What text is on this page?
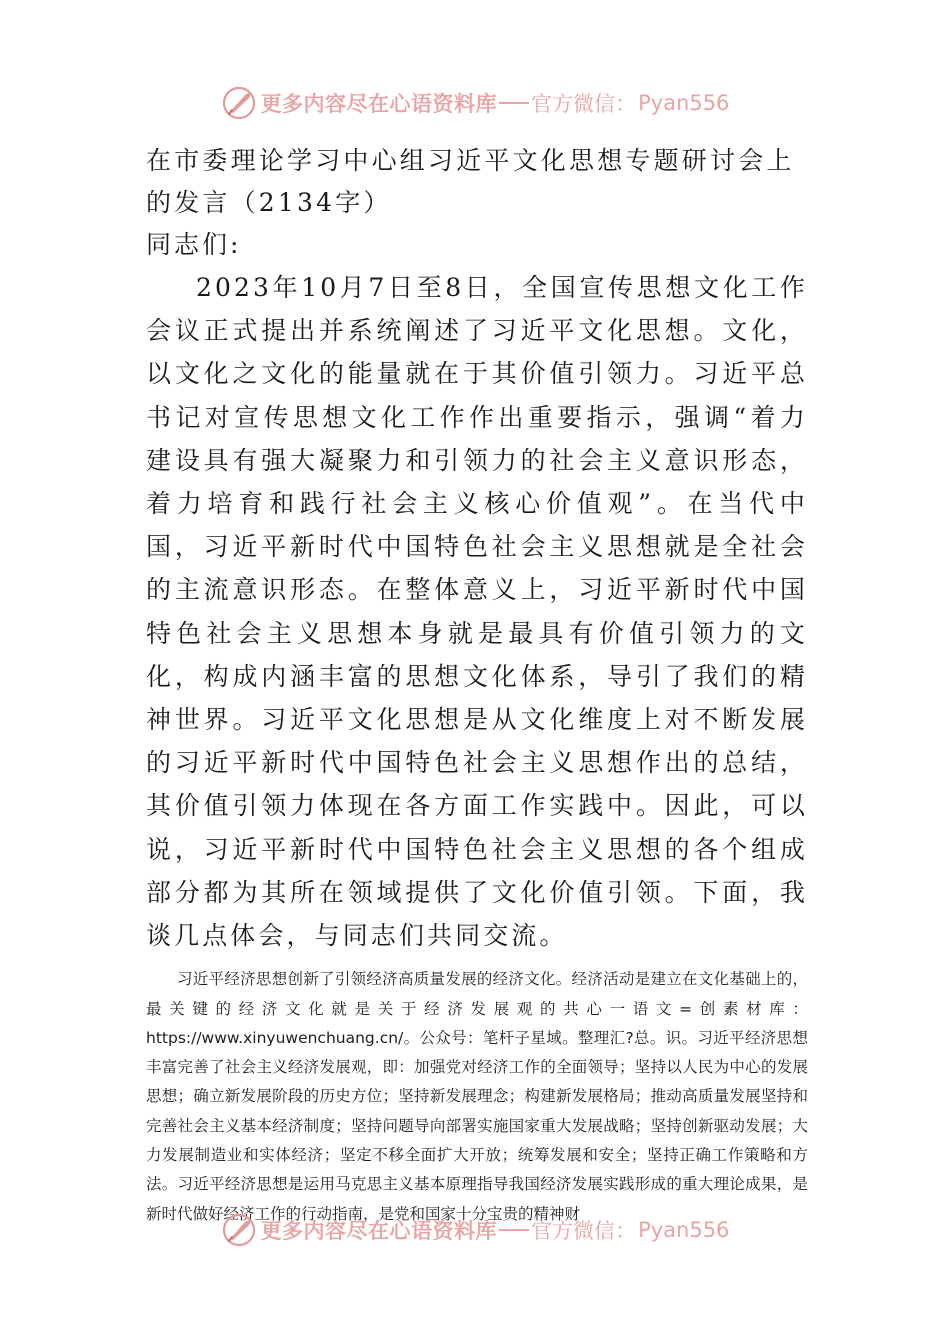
更多内容尽在心语资料库 官方微信： Pyan556

在市委理论学习中心组习近平文化思想专题研讨会上的发言（2134字）

同志们:

2023年10月7日至8日，全国宣传思想文化工作会议正式提出并系统阐述了习近平文化思想。文化，以文化之文化的能量就在于其价值引领力。习近平总书记对宣传思想文化工作作出重要指示，强调“着力建设具有强大凝聚力和引领力的社会主义意识形态，着力培育和践行社会主义核心价值观”。在当代中国，习近平新时代中国特色社会主义思想就是全社会的主流意识形态。在整体意义上，习近平新时代中国特色社会主义思想本身就是最具有价值引领力的文化，构成内涵丰富的思想文化体系，导引了我们的精神世界。习近平文化思想是从文化维度上对不断发展的习近平新时代中国特色社会主义思想作出的总结，其价值引领力体现在各方面工作实践中。因此，可以说，习近平新时代中国特色社会主义思想的各个组成部分都为其所在领域提供了文化价值引领。下面，我谈几点体会，与同志们共同交流。

习近平经济思想创新了引领经济高质量发展的经济文化。经济活动是建立在文化基础上的，最关键的经济文化就是关于经济发展观的共心一语文=创素材库：https://www.xinyuwenchuang.cn/。公众号：笔杆子星域。整理汇?总。识。习近平经济思想丰富完善了社会主义经济发展观，即：加强党对经济工作的全面领导；坚持以人民为中心的发展思想；确立新发展阶段的历史方位；坚持新发展理念；构建新发展格局；推动高质量发展坚持和完善社会主义基本经济制度；坚持问题导向部署实施国家重大发展战略；坚持创新驱动发展；大力发展制造业和实体经济；坚定不移全面扩大开放；统筹发展和安全；坚持正确工作策略和方法。习近平经济思想是运用马克思主义基本原理指导我国经济发展实践形成的重大理论成果，是新时代做好经济工作的行动指南，是党和国家十分宝贵的精神财

更多内容尽在心语资料库 官方微信： Pyan556
